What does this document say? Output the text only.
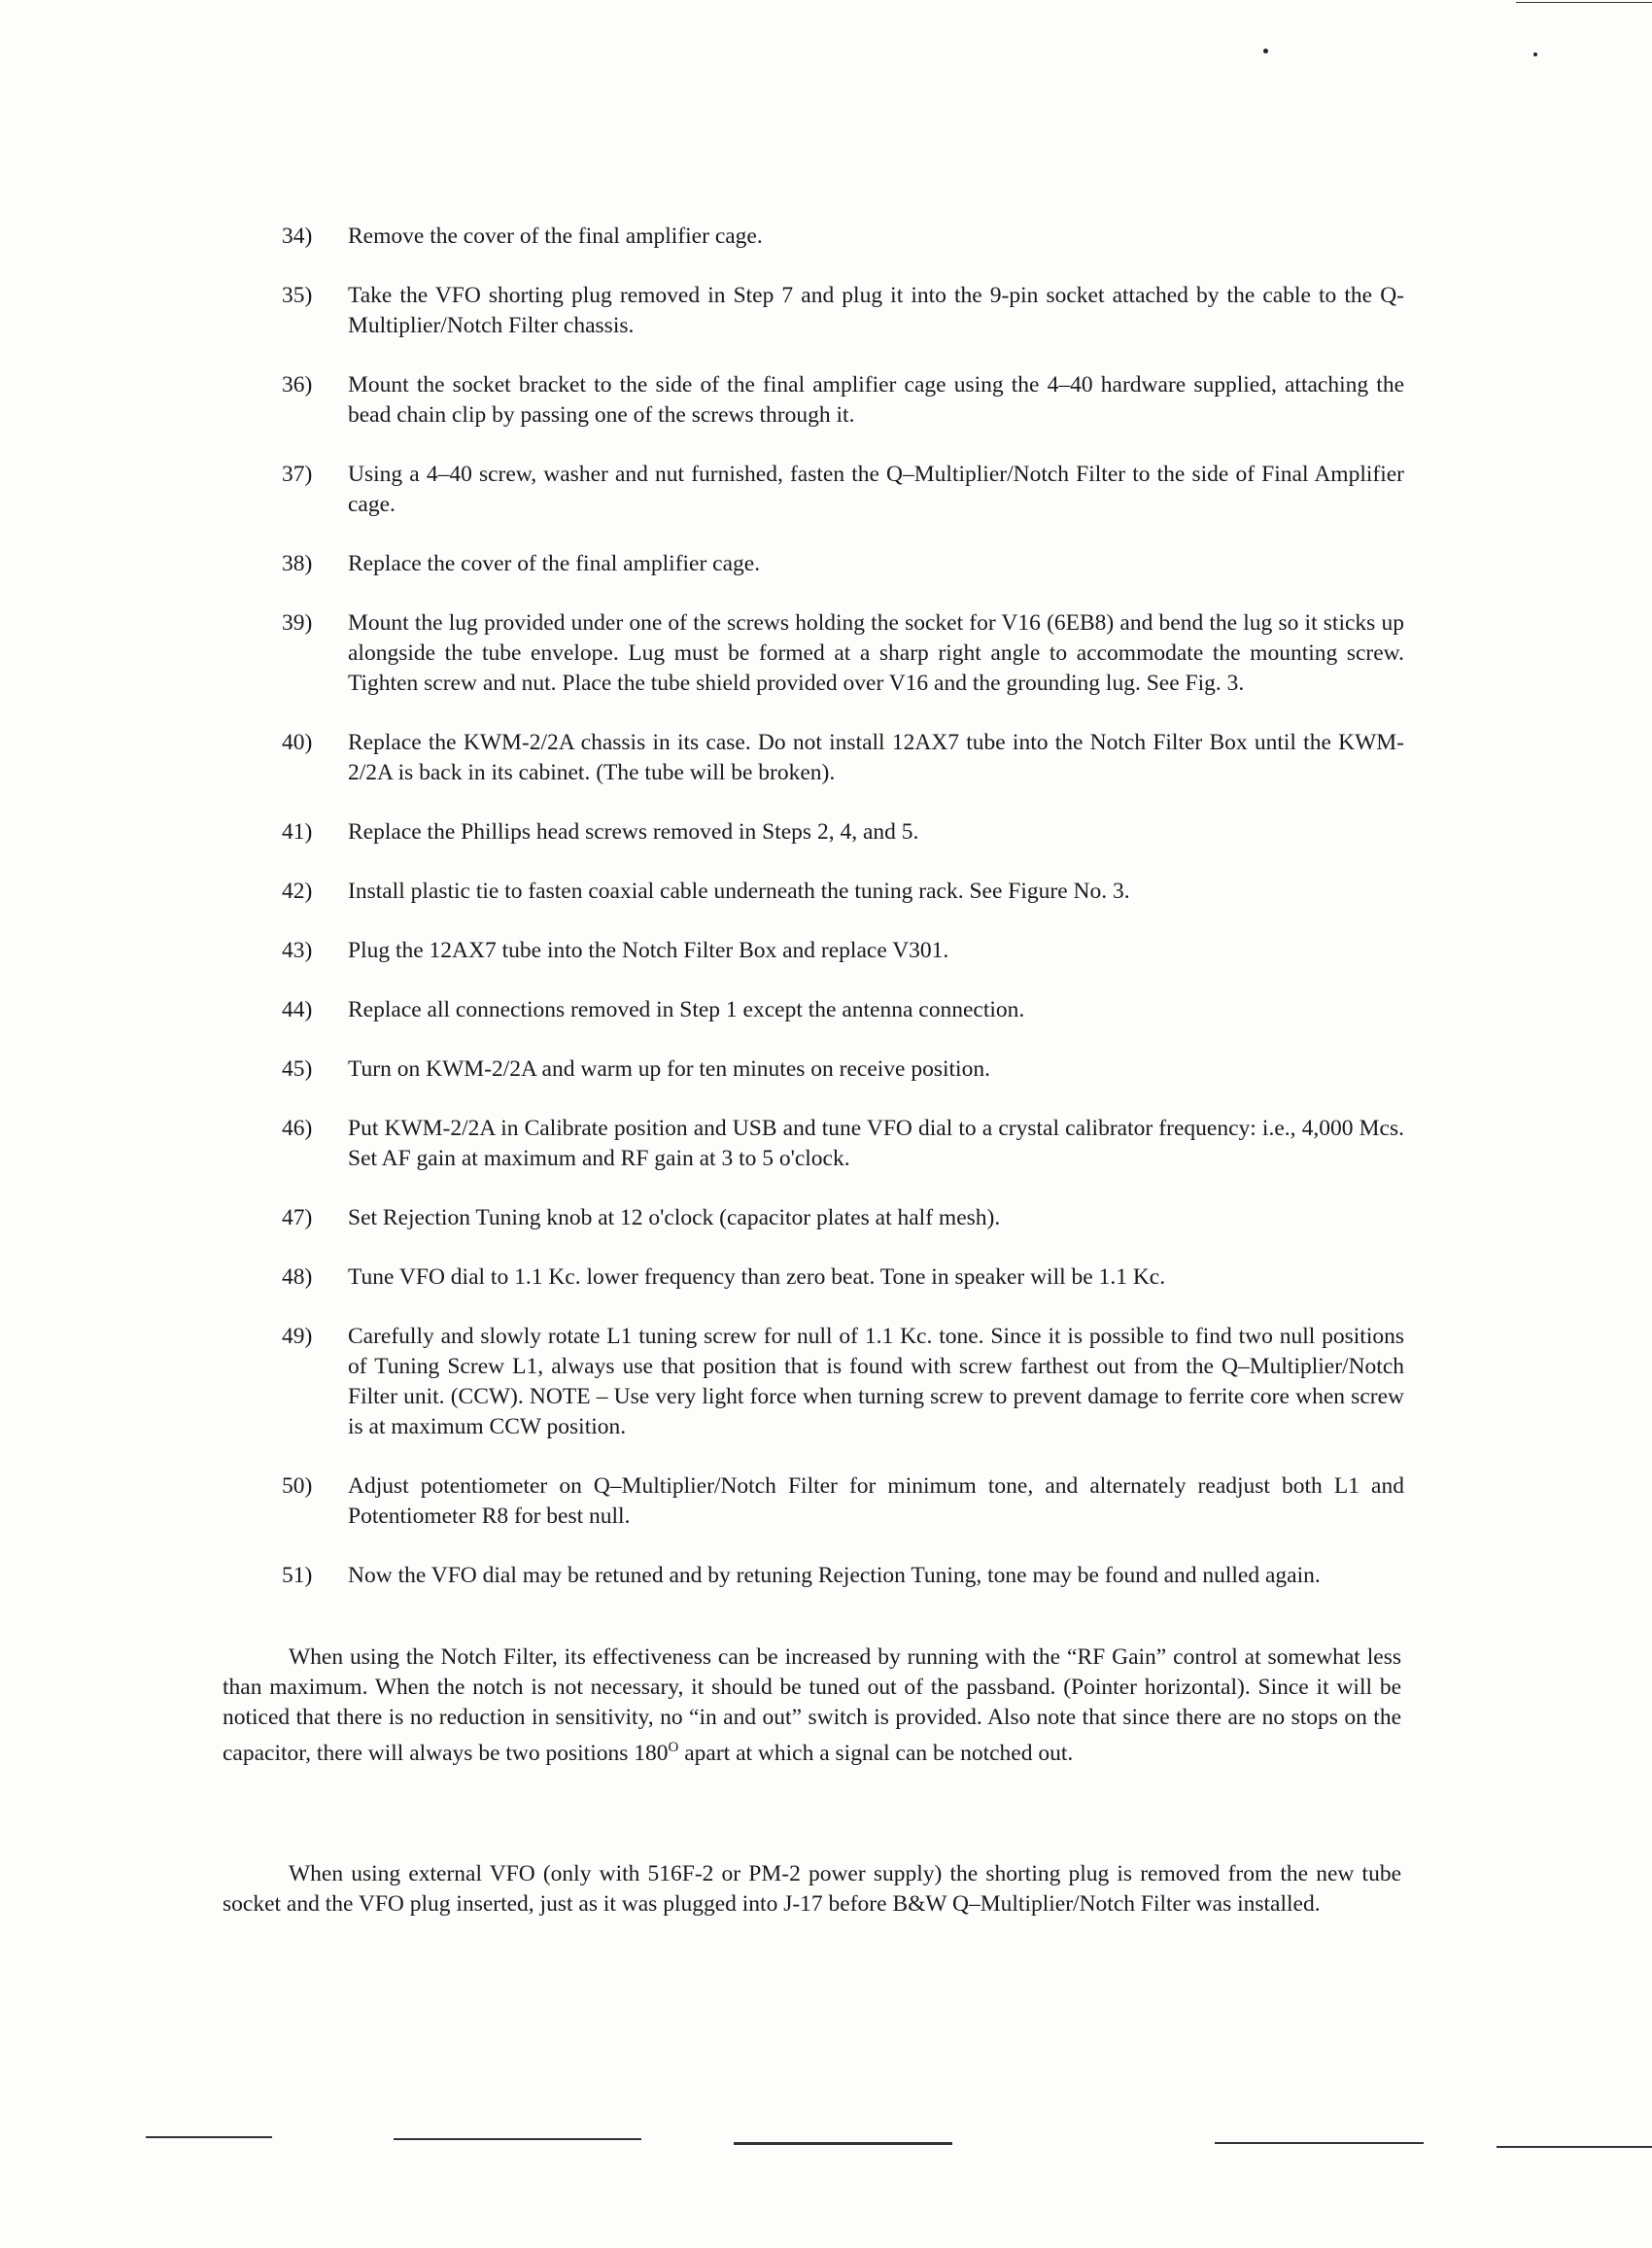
34)	Remove the cover of the final amplifier cage.
35)	Take the VFO shorting plug removed in Step 7 and plug it into the 9-pin socket attached by the cable to the Q- Multiplier/Notch Filter chassis.
36)	Mount the socket bracket to the side of the final amplifier cage using the 4–40 hardware supplied, attaching the bead chain clip by passing one of the screws through it.
37)	Using a 4–40 screw, washer and nut furnished, fasten the Q–Multiplier/Notch Filter to the side of Final Amplifier cage.
38)	Replace the cover of the final amplifier cage.
39)	Mount the lug provided under one of the screws holding the socket for V16 (6EB8) and bend the lug so it sticks up alongside the tube envelope. Lug must be formed at a sharp right angle to accommodate the mounting screw. Tighten screw and nut. Place the tube shield provided over V16 and the grounding lug. See Fig. 3.
40)	Replace the KWM-2/2A chassis in its case. Do not install 12AX7 tube into the Notch Filter Box until the KWM-2/2A is back in its cabinet. (The tube will be broken).
41)	Replace the Phillips head screws removed in Steps 2, 4, and 5.
42)	Install plastic tie to fasten coaxial cable underneath the tuning rack. See Figure No. 3.
43)	Plug the 12AX7 tube into the Notch Filter Box and replace V301.
44)	Replace all connections removed in Step 1 except the antenna connection.
45)	Turn on KWM-2/2A and warm up for ten minutes on receive position.
46)	Put KWM-2/2A in Calibrate position and USB and tune VFO dial to a crystal calibrator frequency: i.e., 4,000 Mcs. Set AF gain at maximum and RF gain at 3 to 5 o'clock.
47)	Set Rejection Tuning knob at 12 o'clock (capacitor plates at half mesh).
48)	Tune VFO dial to 1.1 Kc. lower frequency than zero beat. Tone in speaker will be 1.1 Kc.
49)	Carefully and slowly rotate L1 tuning screw for null of 1.1 Kc. tone. Since it is possible to find two null positions of Tuning Screw L1, always use that position that is found with screw farthest out from the Q–Multiplier/Notch Filter unit. (CCW). NOTE – Use very light force when turning screw to prevent damage to ferrite core when screw is at maximum CCW position.
50)	Adjust potentiometer on Q–Multiplier/Notch Filter for minimum tone, and alternately readjust both L1 and Potentiometer R8 for best null.
51)	Now the VFO dial may be retuned and by retuning Rejection Tuning, tone may be found and nulled again.
When using the Notch Filter, its effectiveness can be increased by running with the “RF Gain” control at somewhat less than maximum. When the notch is not necessary, it should be tuned out of the passband. (Pointer horizontal). Since it will be noticed that there is no reduction in sensitivity, no “in and out” switch is provided. Also note that since there are no stops on the capacitor, there will always be two positions $180^O$ apart at which a signal can be notched out.
When using external VFO (only with 516F-2 or PM-2 power supply) the shorting plug is removed from the new tube socket and the VFO plug inserted, just as it was plugged into J-17 before B&W Q–Multiplier/Notch Filter was installed.
